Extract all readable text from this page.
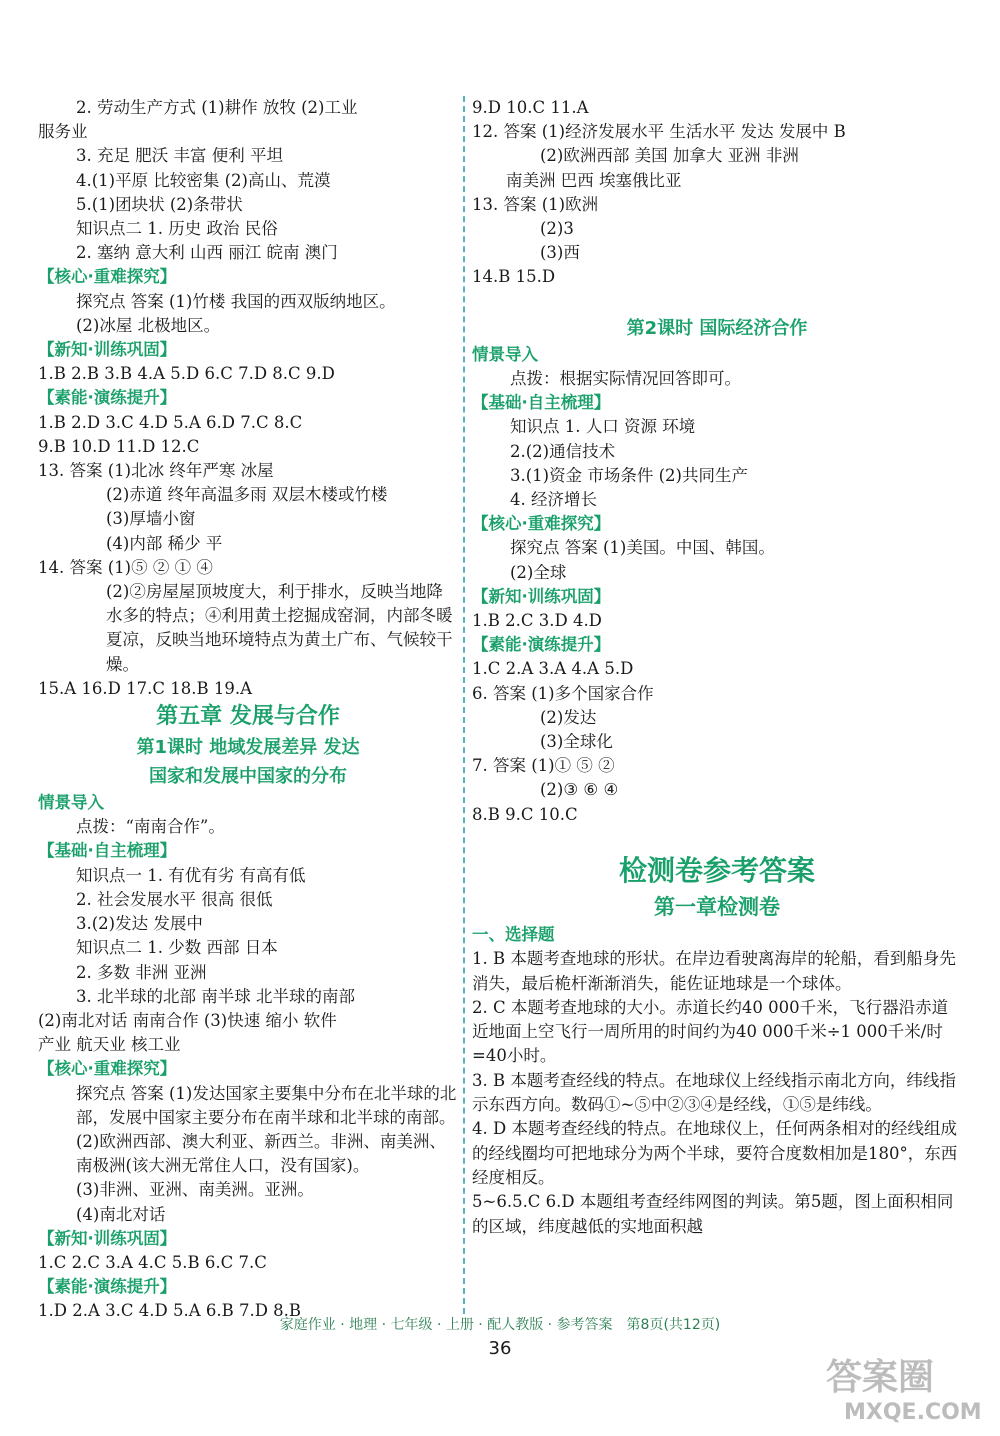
2. 劳动生产方式 (1)耕作 放牧 (2)工业
服务业
3. 充足 肥沃 丰富 便利 平坦
4.(1)平原 比较密集 (2)高山、荒漠
5.(1)团块状 (2)条带状
知识点二 1. 历史 政治 民俗
2. 塞纳 意大利 山西 丽江 皖南 澳门
【核心·重难探究】
探究点 答案 (1)竹楼 我国的西双版纳地区。
(2)冰屋 北极地区。
【新知·训练巩固】
1.B 2.B 3.B 4.A 5.D 6.C 7.D 8.C 9.D
【素能·演练提升】
1.B 2.D 3.C 4.D 5.A 6.D 7.C 8.C
9.B 10.D 11.D 12.C
13. 答案 (1)北冰 终年严寒 冰屋
(2)赤道 终年高温多雨 双层木楼或竹楼
(3)厚墙小窗
(4)内部 稀少 平
14. 答案 (1)⑤ ② ① ④
(2)②房屋屋顶坡度大，利于排水，反映当地降水多的特点；④利用黄土挖掘成窑洞，内部冬暖夏凉，反映当地环境特点为黄土广布、气候较干燥。
15.A 16.D 17.C 18.B 19.A
第五章 发展与合作
第1课时 地域发展差异 发达
国家和发展中国家的分布
情景导入
点拨：“南南合作”。
【基础·自主梳理】
知识点一 1. 有优有劣 有高有低
2. 社会发展水平 很高 很低
3.(2)发达 发展中
知识点二 1. 少数 西部 日本
2. 多数 非洲 亚洲
3. 北半球的北部 南半球 北半球的南部
(2)南北对话 南南合作 (3)快速 缩小 软件
产业 航天业 核工业
【核心·重难探究】
探究点 答案 (1)发达国家主要集中分布在北半球的北部，发展中国家主要分布在南半球和北半球的南部。
(2)欧洲西部、澳大利亚、新西兰。非洲、南美洲、南极洲(该大洲无常住人口，没有国家)。
(3)非洲、亚洲、南美洲。亚洲。
(4)南北对话
【新知·训练巩固】
1.C 2.C 3.A 4.C 5.B 6.C 7.C
【素能·演练提升】
1.D 2.A 3.C 4.D 5.A 6.B 7.D 8.B
9.D 10.C 11.A
12. 答案 (1)经济发展水平 生活水平 发达 发展中 B
(2)欧洲西部 美国 加拿大 亚洲 非洲
南美洲 巴西 埃塞俄比亚
13. 答案 (1)欧洲
(2)3
(3)西
14.B 15.D

第2课时 国际经济合作
情景导入
点拨：根据实际情况回答即可。
【基础·自主梳理】
知识点 1. 人口 资源 环境
2.(2)通信技术
3.(1)资金 市场条件 (2)共同生产
4. 经济增长
【核心·重难探究】
探究点 答案 (1)美国。中国、韩国。
(2)全球
【新知·训练巩固】
1.B 2.C 3.D 4.D
【素能·演练提升】
1.C 2.A 3.A 4.A 5.D
6. 答案 (1)多个国家合作
(2)发达
(3)全球化
7. 答案 (1)① ⑤ ②
(2)③ ⑥ ④
8.B 9.C 10.C

检测卷参考答案
第一章检测卷
一、选择题
1. B 本题考查地球的形状。在岸边看驶离海岸的轮船，看到船身先消失，最后桅杆渐渐消失，能佐证地球是一个球体。
2. C 本题考查地球的大小。赤道长约40 000千米，飞行器沿赤道近地面上空飞行一周所用的时间约为40 000千米÷1 000千米/时=40小时。
3. B 本题考查经线的特点。在地球仪上经线指示南北方向，纬线指示东西方向。数码①~⑤中②③④是经线，①⑤是纬线。
4. D 本题考查经线的特点。在地球仪上，任何两条相对的经线组成的经线圈均可把地球分为两个半球，要符合度数相加是180°，东西经度相反。
5~6.5.C 6.D 本题组考查经纬网图的判读。第5题，图上面积相同的区域，纬度越低的实地面积越
家庭作业 · 地理 · 七年级 · 上册 · 配人教版 · 参考答案　第8页(共12页)
36
答案圈
MXQE.COM
